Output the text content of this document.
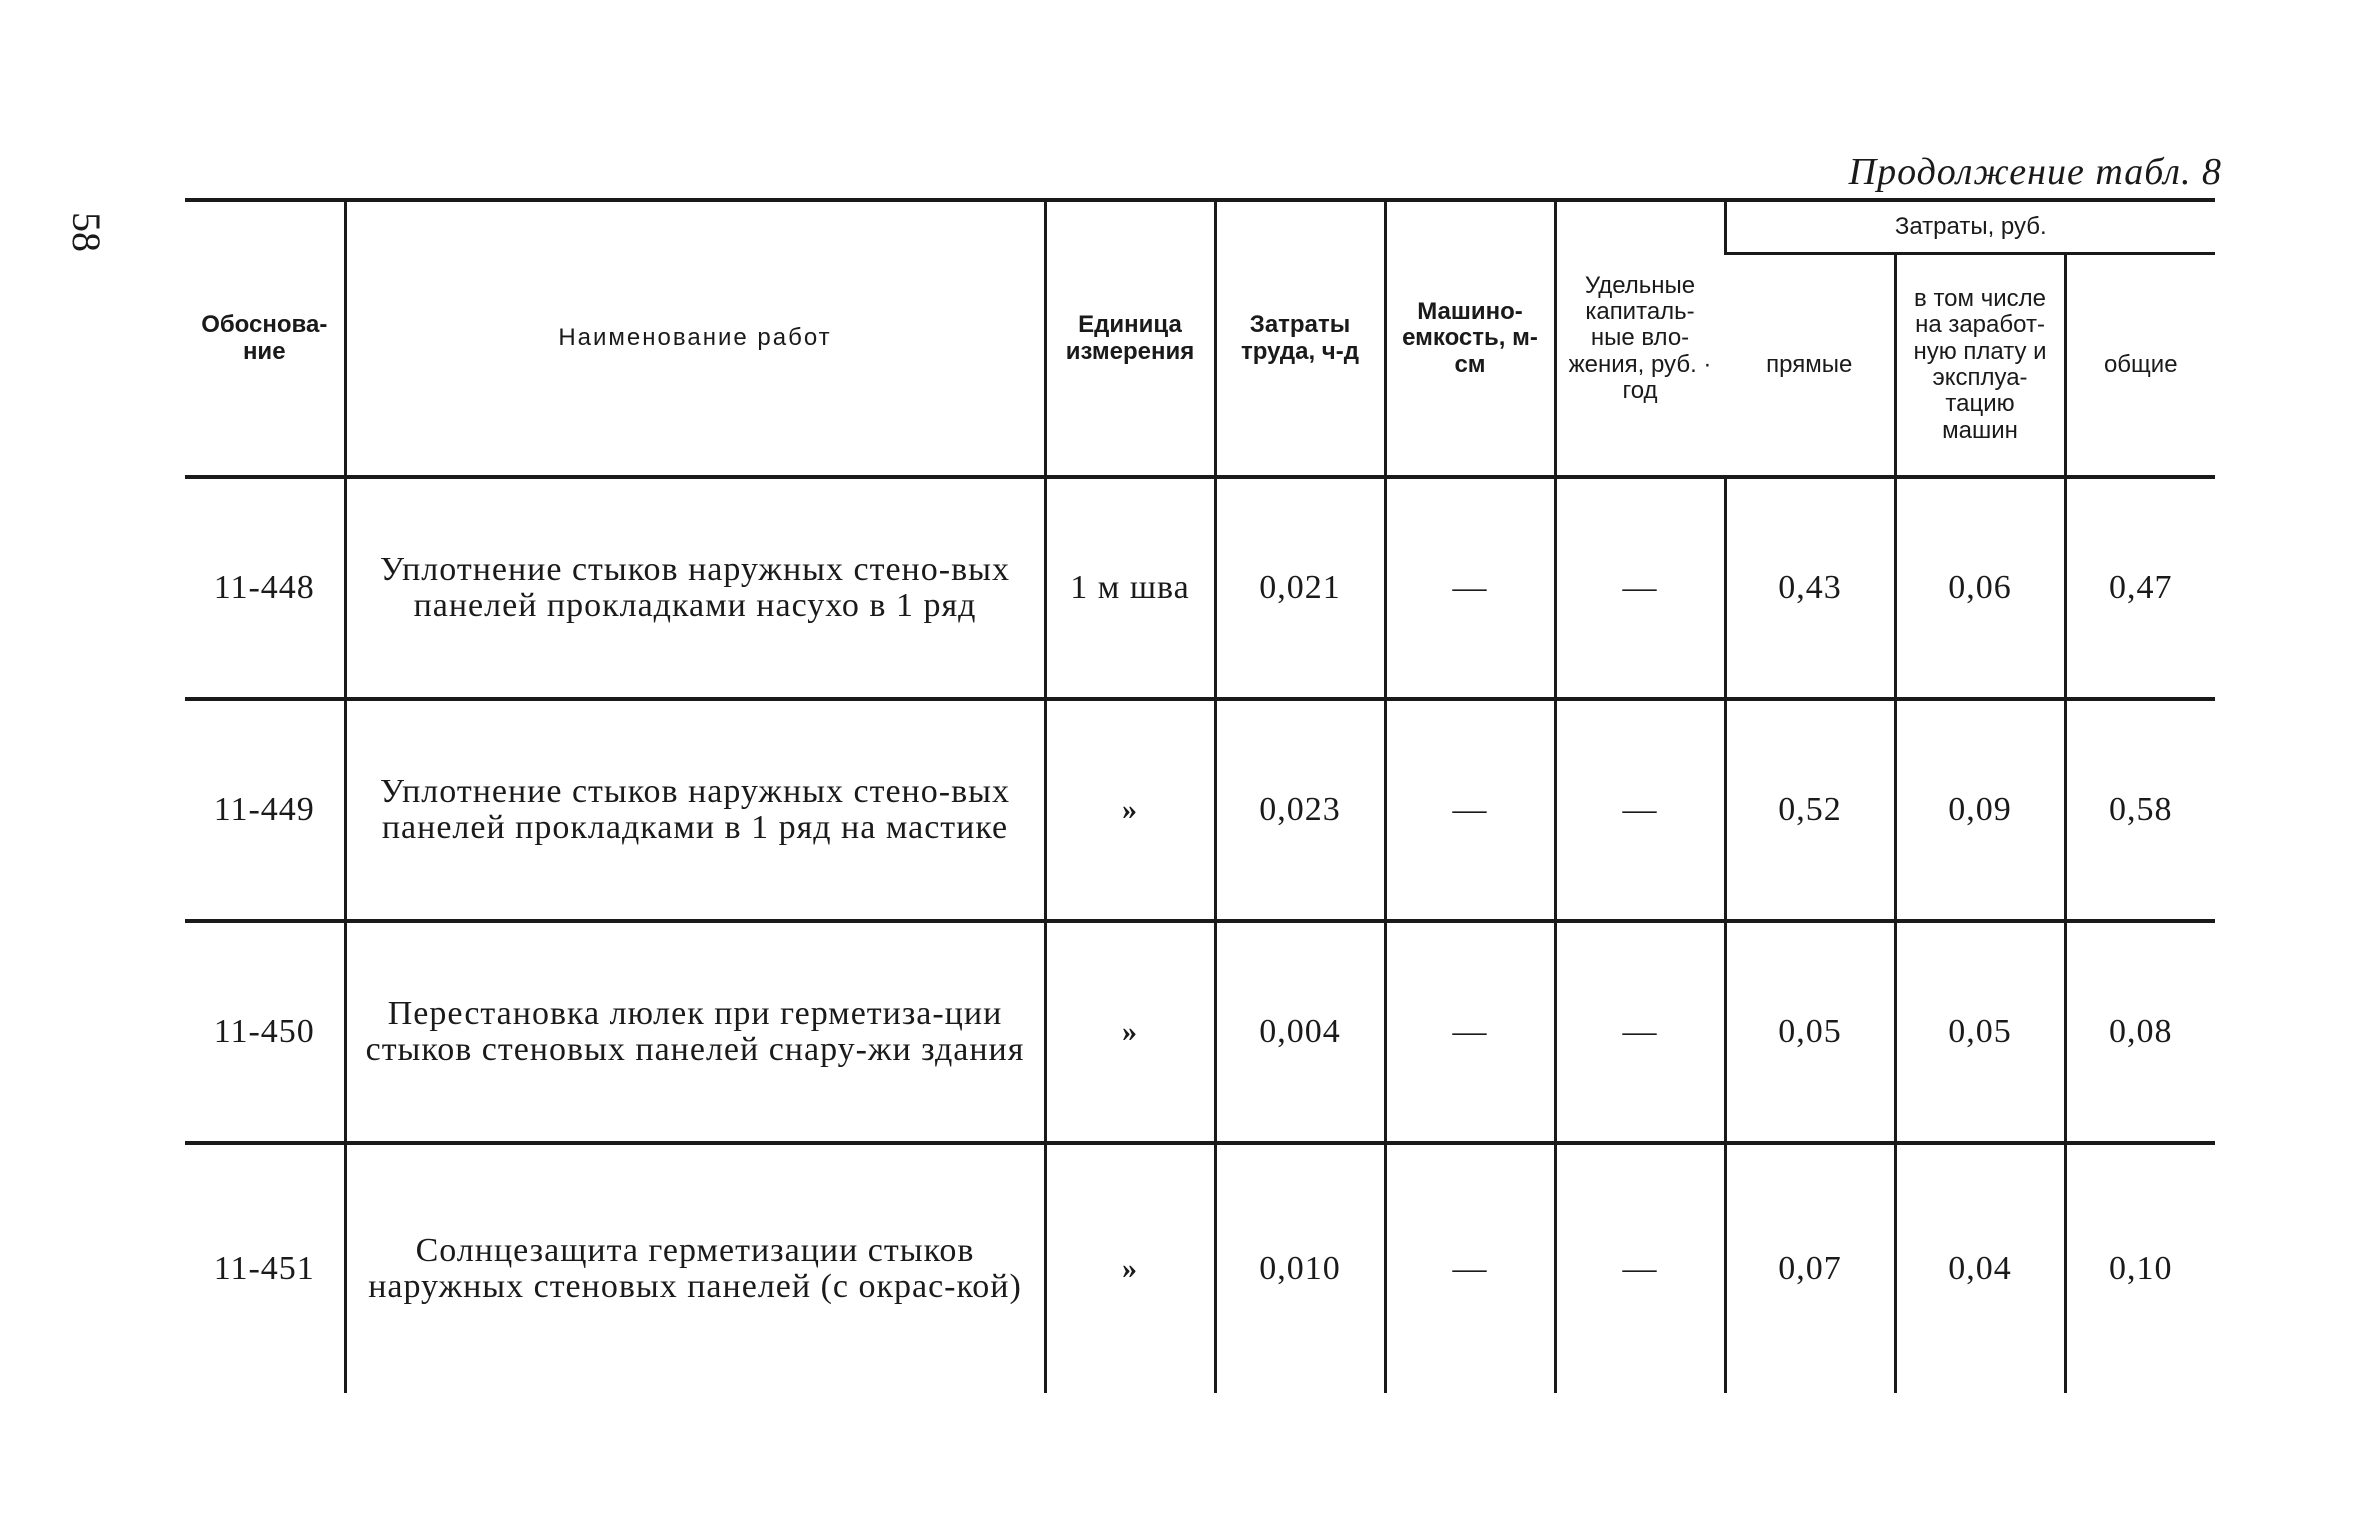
58
Продолжение табл. 8
Обоснова-ние	Наименование работ	Единица измерения	Затраты труда, ч-д	Машино-емкость, м-см	Удельные капиталь-ные вло-жения, руб. · год	Затраты, руб.		
						прямые	в том числе на заработ-ную плату и эксплуа-тацию машин	общие
11-448	Уплотнение стыков наружных стено-вых панелей прокладками насухо в 1 ряд	1 м шва	0,021	—	—	0,43	0,06	0,47
11-449	Уплотнение стыков наружных стено-вых панелей прокладками в 1 ряд на мастике	»	0,023	—	—	0,52	0,09	0,58
11-450	Перестановка люлек при герметиза-ции стыков стеновых панелей снару-жи здания	»	0,004	—	—	0,05	0,05	0,08
11-451	Солнцезащита герметизации стыков наружных стеновых панелей (с окрас-кой)	»	0,010	—	—	0,07	0,04	0,10
